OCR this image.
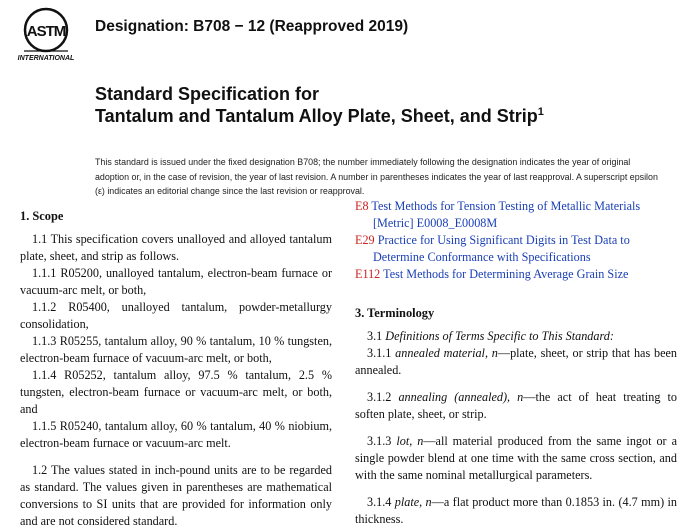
ASTM
INTERNATIONAL
Designation: B708 − 12 (Reapproved 2019)
Standard Specification for
Tantalum and Tantalum Alloy Plate, Sheet, and Strip$^1$
This standard is issued under the fixed designation B708; the number immediately following the designation indicates the year of original adoption or, in the case of revision, the year of last revision. A number in parentheses indicates the year of last reapproval. A superscript epsilon (ε) indicates an editorial change since the last revision or reapproval.
1. Scope

1.1 This specification covers unalloyed and alloyed tantalum plate, sheet, and strip as follows.

1.1.1 R05200, unalloyed tantalum, electron-beam furnace or vacuum-arc melt, or both,

1.1.2 R05400, unalloyed tantalum, powder-metallurgy consolidation,

1.1.3 R05255, tantalum alloy, 90 % tantalum, 10 % tungsten, electron-beam furnace of vacuum-arc melt, or both,

1.1.4 R05252, tantalum alloy, 97.5 % tantalum, 2.5 % tungsten, electron-beam furnace or vacuum-arc melt, or both, and

1.1.5 R05240, tantalum alloy, 60 % tantalum, 40 % niobium, electron-beam furnace or vacuum-arc melt.

1.2 The values stated in inch-pound units are to be regarded as standard. The values given in parentheses are mathematical conversions to SI units that are provided for information only and are not considered standard.

E8 Test Methods for Tension Testing of Metallic Materials [Metric] E0008_E0008M

E29 Practice for Using Significant Digits in Test Data to Determine Conformance with Specifications

E112 Test Methods for Determining Average Grain Size

3. Terminology

3.1 Definitions of Terms Specific to This Standard:

3.1.1 annealed material, n—plate, sheet, or strip that has been annealed.

3.1.2 annealing (annealed), n—the act of heat treating to soften plate, sheet, or strip.

3.1.3 lot, n—all material produced from the same ingot or a single powder blend at one time with the same cross section, and with the same nominal metallurgical parameters.

3.1.4 plate, n—a flat product more than 0.1853 in. (4.7 mm) in thickness.
